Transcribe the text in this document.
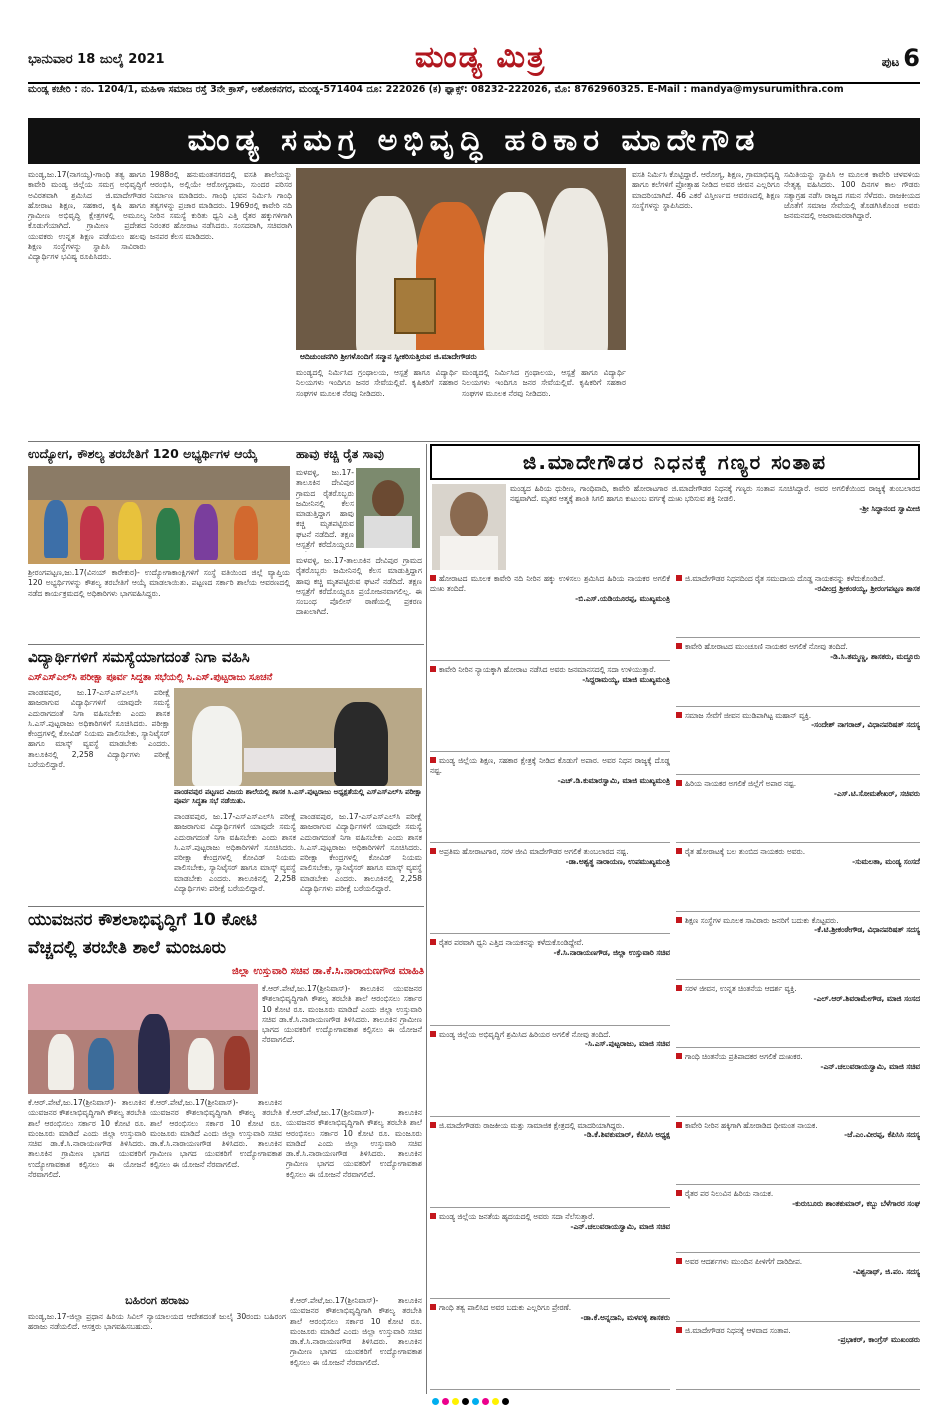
ಭಾನುವಾರ 18 ಜುಲೈ 2021	ಮಂಡ್ಯ ಮಿತ್ರ	ಪುಟ 6
ಮಂಡ್ಯ ಕಚೇರಿ : ನಂ. 1204/1, ಮಹಿಳಾ ಸಮಾಜ ರಸ್ತೆ 3ನೇ ಕ್ರಾಸ್, ಅಶೋಕನಗರ, ಮಂಡ್ಯ-571404 ದೂ: 222026 (ಕ) ಫ್ಯಾಕ್ಸ್: 08232-222026, ಮೊ: 8762960325. E-Mail : mandya@mysurumithra.com
ಮಂಡ್ಯ ಸಮಗ್ರ ಅಭಿವೃದ್ಧಿ ಹರಿಕಾರ ಮಾದೇಗೌಡ
ಮಂಡ್ಯ,ಜು.17(ನಾಗಯ್ಯ)-ಗಾಂಧಿ ತತ್ವ ಹಾಗೂ ಕಾವೇರಿ ಮಂಡ್ಯ ಜಿಲ್ಲೆಯ ಸಮಗ್ರ ಅಭಿವೃದ್ಧಿಗೆ ಅವಿರತವಾಗಿ ಶ್ರಮಿಸಿದ ಜಿ.ಮಾದೇಗೌಡರ ಹೋರಾಟ ಶಿಕ್ಷಣ, ಸಹಕಾರ, ಕೃಷಿ ಹಾಗೂ ಗ್ರಾಮೀಣ ಅಭಿವೃದ್ಧಿ ಕ್ಷೇತ್ರಗಳಲ್ಲಿ ಅಮೂಲ್ಯ ಕೊಡುಗೆಯಾಗಿದೆ. ಗ್ರಾಮೀಣ ಪ್ರದೇಶದ ಯುವಕರು ಉನ್ನತ ಶಿಕ್ಷಣ ಪಡೆಯಲು ಹಲವು ಶಿಕ್ಷಣ ಸಂಸ್ಥೆಗಳನ್ನು ಸ್ಥಾಪಿಸಿ ಸಾವಿರಾರು ವಿದ್ಯಾರ್ಥಿಗಳ ಭವಿಷ್ಯ ರೂಪಿಸಿದರು.
1988ರಲ್ಲಿ ಹನುಮಂತನಗರದಲ್ಲಿ ವಸತಿ ಶಾಲೆಯನ್ನು ಆರಂಭಿಸಿ, ಅಲ್ಲಿಯೇ ಆರೋಗ್ಯಧಾಮ, ಸುಂದರ ಪರಿಸರ ನಿರ್ಮಾಣ ಮಾಡಿದರು. ಗಾಂಧಿ ಭವನ ನಿರ್ಮಿಸಿ ಗಾಂಧಿ ತತ್ವಗಳನ್ನು ಪ್ರಚಾರ ಮಾಡಿದರು. 1969ರಲ್ಲಿ ಕಾವೇರಿ ನದಿ ನೀರಿನ ಸಮಸ್ಯೆ ಕುರಿತು ಧ್ವನಿ ಎತ್ತಿ ರೈತರ ಹಕ್ಕುಗಳಿಗಾಗಿ ನಿರಂತರ ಹೋರಾಟ ನಡೆಸಿದರು. ಸಂಸದರಾಗಿ, ಸಚಿವರಾಗಿ ಜನಪರ ಕೆಲಸ ಮಾಡಿದರು.
ಆದಿಚುಂಚನಗಿರಿ ಶ್ರೀಗಳೊಂದಿಗೆ ಸನ್ಮಾನ ಸ್ವೀಕರಿಸುತ್ತಿರುವ ಜಿ.ಮಾದೇಗೌಡರು
ಮಂಡ್ಯದಲ್ಲಿ ನಿರ್ಮಿಸಿದ ಗ್ರಂಥಾಲಯ, ಆಸ್ಪತ್ರೆ ಹಾಗೂ ವಿದ್ಯಾರ್ಥಿ ನಿಲಯಗಳು ಇಂದಿಗೂ ಜನರ ಸೇವೆಯಲ್ಲಿವೆ. ಕೃಷಿಕರಿಗೆ ಸಹಕಾರ ಸಂಘಗಳ ಮೂಲಕ ನೆರವು ನೀಡಿದರು.
ಮಂಡ್ಯದಲ್ಲಿ ನಿರ್ಮಿಸಿದ ಗ್ರಂಥಾಲಯ, ಆಸ್ಪತ್ರೆ ಹಾಗೂ ವಿದ್ಯಾರ್ಥಿ ನಿಲಯಗಳು ಇಂದಿಗೂ ಜನರ ಸೇವೆಯಲ್ಲಿವೆ. ಕೃಷಿಕರಿಗೆ ಸಹಕಾರ ಸಂಘಗಳ ಮೂಲಕ ನೆರವು ನೀಡಿದರು.
ವಸತಿ ನಿರ್ಮಿಸಿ ಕೊಟ್ಟಿದ್ದಾರೆ. ಆರೋಗ್ಯ, ಶಿಕ್ಷಣ, ಗ್ರಾಮಾಭಿವೃದ್ಧಿ ಹಾಗೂ ಕಲೆಗಳಿಗೆ ಪ್ರೋತ್ಸಾಹ ನೀಡಿದ ಅವರ ಜೀವನ ಎಲ್ಲರಿಗೂ ಮಾದರಿಯಾಗಿದೆ. 46 ಎಕರೆ ವಿಸ್ತೀರ್ಣದ ಆವರಣದಲ್ಲಿ ಶಿಕ್ಷಣ ಸಂಸ್ಥೆಗಳನ್ನು ಸ್ಥಾಪಿಸಿದರು.
ಸಮಿತಿಯನ್ನು ಸ್ಥಾಪಿಸಿ ಆ ಮೂಲಕ ಕಾವೇರಿ ಚಳವಳಿಯ ನೇತೃತ್ವ ವಹಿಸಿದರು. 100 ದಿನಗಳ ಕಾಲ ಗೌಡರು ಸತ್ಯಾಗ್ರಹ ನಡೆಸಿ ರಾಜ್ಯದ ಗಮನ ಸೆಳೆದರು. ರಾಜಕೀಯದ ಜೊತೆಗೆ ಸಮಾಜ ಸೇವೆಯಲ್ಲಿ ತೊಡಗಿಸಿಕೊಂಡ ಅವರು ಜನಮನದಲ್ಲಿ ಅಜರಾಮರರಾಗಿದ್ದಾರೆ.
ಉದ್ಯೋಗ, ಕೌಶಲ್ಯ ತರಬೇತಿಗೆ 120 ಅಭ್ಯರ್ಥಿಗಳ ಆಯ್ಕೆ
ಶ್ರೀರಂಗಪಟ್ಟಣ,ಜು.17(ವಿನಯ್ ಕಾರೇಕುರ)- ಉದ್ಯೋಗಾಕಾಂಕ್ಷಿಗಳಿಗೆ ಸಂಸ್ಥೆ ವತಿಯಿಂದ ಜಿಲ್ಲೆ ವ್ಯಾಪ್ತಿಯ 120 ಅಭ್ಯರ್ಥಿಗಳನ್ನು ಕೌಶಲ್ಯ ತರಬೇತಿಗೆ ಆಯ್ಕೆ ಮಾಡಲಾಯಿತು. ಪಟ್ಟಣದ ಸರ್ಕಾರಿ ಶಾಲೆಯ ಆವರಣದಲ್ಲಿ ನಡೆದ ಕಾರ್ಯಕ್ರಮದಲ್ಲಿ ಅಧಿಕಾರಿಗಳು ಭಾಗವಹಿಸಿದ್ದರು.
ಹಾವು ಕಚ್ಚಿ ರೈತ ಸಾವು
ಮಳವಳ್ಳಿ, ಜು.17-ತಾಲೂಕಿನ ದೇವಿಪುರ ಗ್ರಾಮದ ರೈತರೊಬ್ಬರು ಜಮೀನಿನಲ್ಲಿ ಕೆಲಸ ಮಾಡುತ್ತಿದ್ದಾಗ ಹಾವು ಕಚ್ಚಿ ಮೃತಪಟ್ಟಿರುವ ಘಟನೆ ನಡೆದಿದೆ. ತಕ್ಷಣ ಆಸ್ಪತ್ರೆಗೆ ಕರೆದೊಯ್ದರೂ
ಮಳವಳ್ಳಿ, ಜು.17-ತಾಲೂಕಿನ ದೇವಿಪುರ ಗ್ರಾಮದ ರೈತರೊಬ್ಬರು ಜಮೀನಿನಲ್ಲಿ ಕೆಲಸ ಮಾಡುತ್ತಿದ್ದಾಗ ಹಾವು ಕಚ್ಚಿ ಮೃತಪಟ್ಟಿರುವ ಘಟನೆ ನಡೆದಿದೆ. ತಕ್ಷಣ ಆಸ್ಪತ್ರೆಗೆ ಕರೆದೊಯ್ದರೂ ಪ್ರಯೋಜನವಾಗಲಿಲ್ಲ. ಈ ಸಂಬಂಧ ಪೊಲೀಸ್ ಠಾಣೆಯಲ್ಲಿ ಪ್ರಕರಣ ದಾಖಲಾಗಿದೆ.
ವಿದ್ಯಾರ್ಥಿಗಳಿಗೆ ಸಮಸ್ಯೆಯಾಗದಂತೆ ನಿಗಾ ವಹಿಸಿ
ಎಸ್‌ಎಸ್‌ಎಲ್‌ಸಿ ಪರೀಕ್ಷಾ ಪೂರ್ವ ಸಿದ್ಧತಾ ಸಭೆಯಲ್ಲಿ ಸಿ.ಎಸ್.ಪುಟ್ಟರಾಜು ಸೂಚನೆ
ಪಾಂಡವಪುರ, ಜು.17-ಎಸ್‌ಎಸ್‌ಎಲ್‌ಸಿ ಪರೀಕ್ಷೆ ಹಾಜರಾಗುವ ವಿದ್ಯಾರ್ಥಿಗಳಿಗೆ ಯಾವುದೇ ಸಮಸ್ಯೆ ಎದುರಾಗದಂತೆ ನಿಗಾ ವಹಿಸಬೇಕು ಎಂದು ಶಾಸಕ ಸಿ.ಎಸ್.ಪುಟ್ಟರಾಜು ಅಧಿಕಾರಿಗಳಿಗೆ ಸೂಚಿಸಿದರು. ಪರೀಕ್ಷಾ ಕೇಂದ್ರಗಳಲ್ಲಿ ಕೋವಿಡ್ ನಿಯಮ ಪಾಲಿಸಬೇಕು, ಸ್ಯಾನಿಟೈಸರ್ ಹಾಗೂ ಮಾಸ್ಕ್ ವ್ಯವಸ್ಥೆ ಮಾಡಬೇಕು ಎಂದರು. ತಾಲೂಕಿನಲ್ಲಿ 2,258 ವಿದ್ಯಾರ್ಥಿಗಳು ಪರೀಕ್ಷೆ ಬರೆಯಲಿದ್ದಾರೆ.
ಪಾಂಡವಪುರ ಪಟ್ಟಣದ ವಿಜಯ ಶಾಲೆಯಲ್ಲಿ ಶಾಸಕ ಸಿ.ಎಸ್.ಪುಟ್ಟರಾಜು ಅಧ್ಯಕ್ಷತೆಯಲ್ಲಿ ಎಸ್‌ಎಸ್‌ಎಲ್‌ಸಿ ಪರೀಕ್ಷಾ ಪೂರ್ವ ಸಿದ್ಧತಾ ಸಭೆ ನಡೆಯಿತು.
ಪಾಂಡವಪುರ, ಜು.17-ಎಸ್‌ಎಸ್‌ಎಲ್‌ಸಿ ಪರೀಕ್ಷೆ ಹಾಜರಾಗುವ ವಿದ್ಯಾರ್ಥಿಗಳಿಗೆ ಯಾವುದೇ ಸಮಸ್ಯೆ ಎದುರಾಗದಂತೆ ನಿಗಾ ವಹಿಸಬೇಕು ಎಂದು ಶಾಸಕ ಸಿ.ಎಸ್.ಪುಟ್ಟರಾಜು ಅಧಿಕಾರಿಗಳಿಗೆ ಸೂಚಿಸಿದರು. ಪರೀಕ್ಷಾ ಕೇಂದ್ರಗಳಲ್ಲಿ ಕೋವಿಡ್ ನಿಯಮ ಪಾಲಿಸಬೇಕು, ಸ್ಯಾನಿಟೈಸರ್ ಹಾಗೂ ಮಾಸ್ಕ್ ವ್ಯವಸ್ಥೆ ಮಾಡಬೇಕು ಎಂದರು. ತಾಲೂಕಿನಲ್ಲಿ 2,258 ವಿದ್ಯಾರ್ಥಿಗಳು ಪರೀಕ್ಷೆ ಬರೆಯಲಿದ್ದಾರೆ.
ಪಾಂಡವಪುರ, ಜು.17-ಎಸ್‌ಎಸ್‌ಎಲ್‌ಸಿ ಪರೀಕ್ಷೆ ಹಾಜರಾಗುವ ವಿದ್ಯಾರ್ಥಿಗಳಿಗೆ ಯಾವುದೇ ಸಮಸ್ಯೆ ಎದುರಾಗದಂತೆ ನಿಗಾ ವಹಿಸಬೇಕು ಎಂದು ಶಾಸಕ ಸಿ.ಎಸ್.ಪುಟ್ಟರಾಜು ಅಧಿಕಾರಿಗಳಿಗೆ ಸೂಚಿಸಿದರು. ಪರೀಕ್ಷಾ ಕೇಂದ್ರಗಳಲ್ಲಿ ಕೋವಿಡ್ ನಿಯಮ ಪಾಲಿಸಬೇಕು, ಸ್ಯಾನಿಟೈಸರ್ ಹಾಗೂ ಮಾಸ್ಕ್ ವ್ಯವಸ್ಥೆ ಮಾಡಬೇಕು ಎಂದರು. ತಾಲೂಕಿನಲ್ಲಿ 2,258 ವಿದ್ಯಾರ್ಥಿಗಳು ಪರೀಕ್ಷೆ ಬರೆಯಲಿದ್ದಾರೆ.
ಯುವಜನರ ಕೌಶಲಾಭಿವೃದ್ಧಿಗೆ 10 ಕೋಟಿ
ವೆಚ್ಚದಲ್ಲಿ ತರಬೇತಿ ಶಾಲೆ ಮಂಜೂರು
ಜಿಲ್ಲಾ ಉಸ್ತುವಾರಿ ಸಚಿವ ಡಾ.ಕೆ.ಸಿ.ನಾರಾಯಣಗೌಡ ಮಾಹಿತಿ
ಕೆ.ಆರ್.ಪೇಟೆ,ಜು.17(ಶ್ರೀನಿವಾಸ್)- ತಾಲೂಕಿನ ಯುವಜನರ ಕೌಶಲಾಭಿವೃದ್ಧಿಗಾಗಿ ಕೌಶಲ್ಯ ತರಬೇತಿ ಶಾಲೆ ಆರಂಭಿಸಲು ಸರ್ಕಾರ 10 ಕೋಟಿ ರೂ. ಮಂಜೂರು ಮಾಡಿದೆ ಎಂದು ಜಿಲ್ಲಾ ಉಸ್ತುವಾರಿ ಸಚಿವ ಡಾ.ಕೆ.ಸಿ.ನಾರಾಯಣಗೌಡ ತಿಳಿಸಿದರು. ತಾಲೂಕಿನ ಗ್ರಾಮೀಣ ಭಾಗದ ಯುವಕರಿಗೆ ಉದ್ಯೋಗಾವಕಾಶ ಕಲ್ಪಿಸಲು ಈ ಯೋಜನೆ ನೆರವಾಗಲಿದೆ.
ಕೆ.ಆರ್.ಪೇಟೆ,ಜು.17(ಶ್ರೀನಿವಾಸ್)- ತಾಲೂಕಿನ ಯುವಜನರ ಕೌಶಲಾಭಿವೃದ್ಧಿಗಾಗಿ ಕೌಶಲ್ಯ ತರಬೇತಿ ಶಾಲೆ ಆರಂಭಿಸಲು ಸರ್ಕಾರ 10 ಕೋಟಿ ರೂ. ಮಂಜೂರು ಮಾಡಿದೆ ಎಂದು ಜಿಲ್ಲಾ ಉಸ್ತುವಾರಿ ಸಚಿವ ಡಾ.ಕೆ.ಸಿ.ನಾರಾಯಣಗೌಡ ತಿಳಿಸಿದರು. ತಾಲೂಕಿನ ಗ್ರಾಮೀಣ ಭಾಗದ ಯುವಕರಿಗೆ ಉದ್ಯೋಗಾವಕಾಶ ಕಲ್ಪಿಸಲು ಈ ಯೋಜನೆ ನೆರವಾಗಲಿದೆ.
ಕೆ.ಆರ್.ಪೇಟೆ,ಜು.17(ಶ್ರೀನಿವಾಸ್)- ತಾಲೂಕಿನ ಯುವಜನರ ಕೌಶಲಾಭಿವೃದ್ಧಿಗಾಗಿ ಕೌಶಲ್ಯ ತರಬೇತಿ ಶಾಲೆ ಆರಂಭಿಸಲು ಸರ್ಕಾರ 10 ಕೋಟಿ ರೂ. ಮಂಜೂರು ಮಾಡಿದೆ ಎಂದು ಜಿಲ್ಲಾ ಉಸ್ತುವಾರಿ ಸಚಿವ ಡಾ.ಕೆ.ಸಿ.ನಾರಾಯಣಗೌಡ ತಿಳಿಸಿದರು. ತಾಲೂಕಿನ ಗ್ರಾಮೀಣ ಭಾಗದ ಯುವಕರಿಗೆ ಉದ್ಯೋಗಾವಕಾಶ ಕಲ್ಪಿಸಲು ಈ ಯೋಜನೆ ನೆರವಾಗಲಿದೆ.
ಕೆ.ಆರ್.ಪೇಟೆ,ಜು.17(ಶ್ರೀನಿವಾಸ್)- ತಾಲೂಕಿನ ಯುವಜನರ ಕೌಶಲಾಭಿವೃದ್ಧಿಗಾಗಿ ಕೌಶಲ್ಯ ತರಬೇತಿ ಶಾಲೆ ಆರಂಭಿಸಲು ಸರ್ಕಾರ 10 ಕೋಟಿ ರೂ. ಮಂಜೂರು ಮಾಡಿದೆ ಎಂದು ಜಿಲ್ಲಾ ಉಸ್ತುವಾರಿ ಸಚಿವ ಡಾ.ಕೆ.ಸಿ.ನಾರಾಯಣಗೌಡ ತಿಳಿಸಿದರು. ತಾಲೂಕಿನ ಗ್ರಾಮೀಣ ಭಾಗದ ಯುವಕರಿಗೆ ಉದ್ಯೋಗಾವಕಾಶ ಕಲ್ಪಿಸಲು ಈ ಯೋಜನೆ ನೆರವಾಗಲಿದೆ.
ಬಹಿರಂಗ ಹರಾಜು
ಮಂಡ್ಯ,ಜು.17-ಜಿಲ್ಲಾ ಪ್ರಧಾನ ಹಿರಿಯ ಸಿವಿಲ್ ನ್ಯಾಯಾಲಯದ ಆದೇಶದಂತೆ ಜುಲೈ 30ರಂದು ಬಹಿರಂಗ ಹರಾಜು ನಡೆಯಲಿದೆ. ಆಸಕ್ತರು ಭಾಗವಹಿಸಬಹುದು.
ಕೆ.ಆರ್.ಪೇಟೆ,ಜು.17(ಶ್ರೀನಿವಾಸ್)- ತಾಲೂಕಿನ ಯುವಜನರ ಕೌಶಲಾಭಿವೃದ್ಧಿಗಾಗಿ ಕೌಶಲ್ಯ ತರಬೇತಿ ಶಾಲೆ ಆರಂಭಿಸಲು ಸರ್ಕಾರ 10 ಕೋಟಿ ರೂ. ಮಂಜೂರು ಮಾಡಿದೆ ಎಂದು ಜಿಲ್ಲಾ ಉಸ್ತುವಾರಿ ಸಚಿವ ಡಾ.ಕೆ.ಸಿ.ನಾರಾಯಣಗೌಡ ತಿಳಿಸಿದರು. ತಾಲೂಕಿನ ಗ್ರಾಮೀಣ ಭಾಗದ ಯುವಕರಿಗೆ ಉದ್ಯೋಗಾವಕಾಶ ಕಲ್ಪಿಸಲು ಈ ಯೋಜನೆ ನೆರವಾಗಲಿದೆ.
ಜಿ.ಮಾದೇಗೌಡರ ನಿಧನಕ್ಕೆ ಗಣ್ಯರ ಸಂತಾಪ
ಮಂಡ್ಯದ ಹಿರಿಯ ಧುರೀಣ, ಗಾಂಧಿವಾದಿ, ಕಾವೇರಿ ಹೋರಾಟಗಾರ ಜಿ.ಮಾದೇಗೌಡರ ನಿಧನಕ್ಕೆ ಗಣ್ಯರು ಸಂತಾಪ ಸೂಚಿಸಿದ್ದಾರೆ. ಅವರ ಅಗಲಿಕೆಯಿಂದ ರಾಜ್ಯಕ್ಕೆ ತುಂಬಲಾರದ ನಷ್ಟವಾಗಿದೆ. ಮೃತರ ಆತ್ಮಕ್ಕೆ ಶಾಂತಿ ಸಿಗಲಿ ಹಾಗೂ ಕುಟುಂಬ ವರ್ಗಕ್ಕೆ ದುಃಖ ಭರಿಸುವ ಶಕ್ತಿ ನೀಡಲಿ.
-ಶ್ರೀ ಸಿದ್ಧಾನಂದ ಸ್ವಾಮೀಜಿ
ಹೋರಾಟದ ಮೂಲಕ ಕಾವೇರಿ ನದಿ ನೀರಿನ ಹಕ್ಕು ಉಳಿಸಲು ಶ್ರಮಿಸಿದ ಹಿರಿಯ ನಾಯಕರ ಅಗಲಿಕೆ ದುಃಖ ತಂದಿದೆ.
-ಬಿ.ಎಸ್.ಯಡಿಯೂರಪ್ಪ, ಮುಖ್ಯಮಂತ್ರಿ
ಕಾವೇರಿ ನೀರಿನ ನ್ಯಾಯಕ್ಕಾಗಿ ಹೋರಾಟ ನಡೆಸಿದ ಅವರು ಜನಮಾನಸದಲ್ಲಿ ಸದಾ ಉಳಿಯುತ್ತಾರೆ.
-ಸಿದ್ದರಾಮಯ್ಯ, ಮಾಜಿ ಮುಖ್ಯಮಂತ್ರಿ
ಮಂಡ್ಯ ಜಿಲ್ಲೆಯ ಶಿಕ್ಷಣ, ಸಹಕಾರ ಕ್ಷೇತ್ರಕ್ಕೆ ನೀಡಿದ ಕೊಡುಗೆ ಅಪಾರ. ಅವರ ನಿಧನ ರಾಜ್ಯಕ್ಕೆ ದೊಡ್ಡ ನಷ್ಟ.
-ಎಚ್.ಡಿ.ಕುಮಾರಸ್ವಾಮಿ, ಮಾಜಿ ಮುಖ್ಯಮಂತ್ರಿ
ಅಪ್ರತಿಮ ಹೋರಾಟಗಾರ, ಸರಳ ಜೀವಿ ಮಾದೇಗೌಡರ ಅಗಲಿಕೆ ತುಂಬಲಾರದ ನಷ್ಟ.
-ಡಾ.ಅಶ್ವತ್ಥ ನಾರಾಯಣ, ಉಪಮುಖ್ಯಮಂತ್ರಿ
ರೈತರ ಪರವಾಗಿ ಧ್ವನಿ ಎತ್ತಿದ ನಾಯಕನನ್ನು ಕಳೆದುಕೊಂಡಿದ್ದೇವೆ.
-ಕೆ.ಸಿ.ನಾರಾಯಣಗೌಡ, ಜಿಲ್ಲಾ ಉಸ್ತುವಾರಿ ಸಚಿವ
ಮಂಡ್ಯ ಜಿಲ್ಲೆಯ ಅಭಿವೃದ್ಧಿಗೆ ಶ್ರಮಿಸಿದ ಹಿರಿಯರ ಅಗಲಿಕೆ ನೋವು ತಂದಿದೆ.
-ಸಿ.ಎಸ್.ಪುಟ್ಟರಾಜು, ಮಾಜಿ ಸಚಿವ
ಜಿ.ಮಾದೇಗೌಡರು ರಾಜಕೀಯ ಮತ್ತು ಸಾಮಾಜಿಕ ಕ್ಷೇತ್ರದಲ್ಲಿ ಮಾದರಿಯಾಗಿದ್ದರು.
-ಡಿ.ಕೆ.ಶಿವಕುಮಾರ್, ಕೆಪಿಸಿಸಿ ಅಧ್ಯಕ್ಷ
ಮಂಡ್ಯ ಜಿಲ್ಲೆಯ ಜನತೆಯ ಹೃದಯದಲ್ಲಿ ಅವರು ಸದಾ ನೆಲೆಸುತ್ತಾರೆ.
-ಎನ್.ಚಲುವರಾಯಸ್ವಾಮಿ, ಮಾಜಿ ಸಚಿವ
ಗಾಂಧಿ ತತ್ವ ಪಾಲಿಸಿದ ಅವರ ಬದುಕು ಎಲ್ಲರಿಗೂ ಪ್ರೇರಣೆ.
-ಡಾ.ಕೆ.ಅನ್ನದಾನಿ, ಮಳವಳ್ಳಿ ಶಾಸಕರು
ಜಿ.ಮಾದೇಗೌಡರ ನಿಧನದಿಂದ ರೈತ ಸಮುದಾಯ ದೊಡ್ಡ ನಾಯಕನನ್ನು ಕಳೆದುಕೊಂಡಿದೆ.
-ರವೀಂದ್ರ ಶ್ರೀಕಂಠಯ್ಯ, ಶ್ರೀರಂಗಪಟ್ಟಣ ಶಾಸಕ
ಕಾವೇರಿ ಹೋರಾಟದ ಮುಂಚೂಣಿ ನಾಯಕರ ಅಗಲಿಕೆ ನೋವು ತಂದಿದೆ.
-ಡಿ.ಸಿ.ತಮ್ಮಣ್ಣ, ಶಾಸಕರು, ಮದ್ದೂರು
ಸಮಾಜ ಸೇವೆಗೆ ಜೀವನ ಮುಡಿಪಾಗಿಟ್ಟ ಮಹಾನ್ ವ್ಯಕ್ತಿ.
-ಸಂದೇಶ್ ನಾಗರಾಜ್, ವಿಧಾನಪರಿಷತ್ ಸದಸ್ಯ
ಹಿರಿಯ ನಾಯಕರ ಅಗಲಿಕೆ ಜಿಲ್ಲೆಗೆ ಅಪಾರ ನಷ್ಟ.
-ಎಸ್.ಟಿ.ಸೋಮಶೇಖರ್, ಸಚಿವರು
ರೈತ ಹೋರಾಟಕ್ಕೆ ಬಲ ತುಂಬಿದ ನಾಯಕರು ಅವರು.
-ಸುಮಲತಾ, ಮಂಡ್ಯ ಸಂಸದೆ
ಶಿಕ್ಷಣ ಸಂಸ್ಥೆಗಳ ಮೂಲಕ ಸಾವಿರಾರು ಜನರಿಗೆ ಬದುಕು ಕೊಟ್ಟವರು.
-ಕೆ.ಟಿ.ಶ್ರೀಕಂಠೇಗೌಡ, ವಿಧಾನಪರಿಷತ್ ಸದಸ್ಯ
ಸರಳ ಜೀವನ, ಉನ್ನತ ಚಿಂತನೆಯ ಆದರ್ಶ ವ್ಯಕ್ತಿ.
-ಎಲ್.ಆರ್.ಶಿವರಾಮೇಗೌಡ, ಮಾಜಿ ಸಂಸದ
ಗಾಂಧಿ ಚಿಂತನೆಯ ಪ್ರತಿಪಾದಕರ ಅಗಲಿಕೆ ದುಃಖಕರ.
-ಎನ್.ಚಲುವರಾಯಸ್ವಾಮಿ, ಮಾಜಿ ಸಚಿವ
ಕಾವೇರಿ ನೀರಿನ ಹಕ್ಕಿಗಾಗಿ ಹೋರಾಡಿದ ಧೀಮಂತ ನಾಯಕ.
-ಜೆ.ಎಂ.ವೀರಪ್ಪ, ಕೆಪಿಸಿಸಿ ಸದಸ್ಯ
ರೈತರ ಪರ ನಿಲುವಿನ ಹಿರಿಯ ನಾಯಕ.
-ಕುರುಬೂರು ಶಾಂತಕುಮಾರ್, ಕಬ್ಬು ಬೆಳೆಗಾರರ ಸಂಘ
ಅವರ ಆದರ್ಶಗಳು ಮುಂದಿನ ಪೀಳಿಗೆಗೆ ದಾರಿದೀಪ.
-ವಿಶ್ವನಾಥ್, ಜಿ.ಪಂ. ಸದಸ್ಯ
ಜಿ.ಮಾದೇಗೌಡರ ನಿಧನಕ್ಕೆ ಆಳವಾದ ಸಂತಾಪ.
-ಪ್ರಭಾಕರ್, ಕಾಂಗ್ರೆಸ್ ಮುಖಂಡರು
